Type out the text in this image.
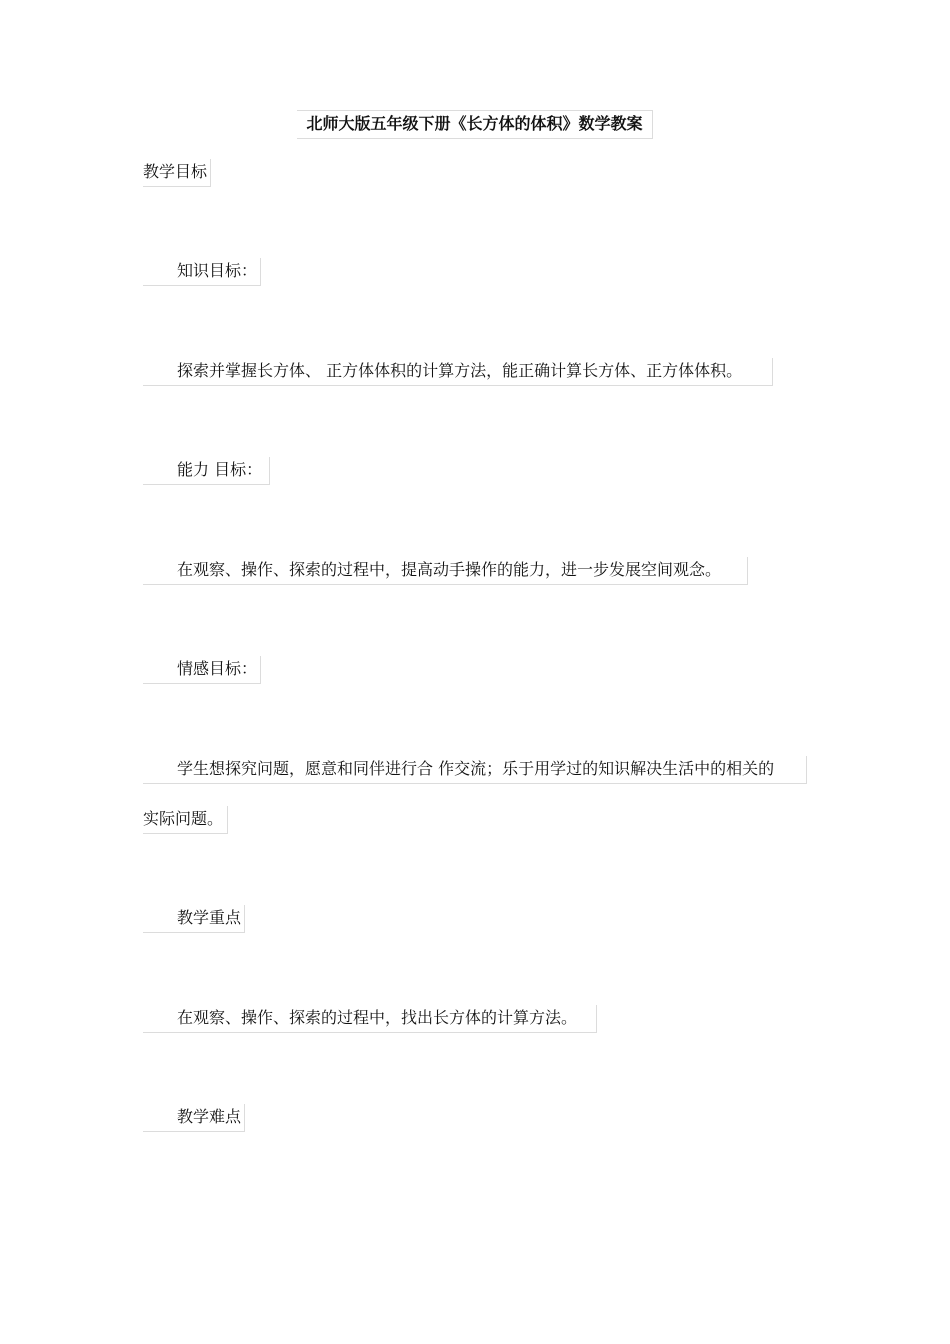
北师大版五年级下册《长方体的体积》数学教案
教学目标
知识目标：
探索并掌握长方体、 正方体体积的计算方法，能正确计算长方体、正方体体积。
能力 目标：
在观察、操作、探索的过程中，提高动手操作的能力，进一步发展空间观念。
情感目标：
学生想探究问题，愿意和同伴进行合 作交流；乐于用学过的知识解决生活中的相关的
实际问题。
教学重点
在观察、操作、探索的过程中，找出长方体的计算方法。
教学难点
